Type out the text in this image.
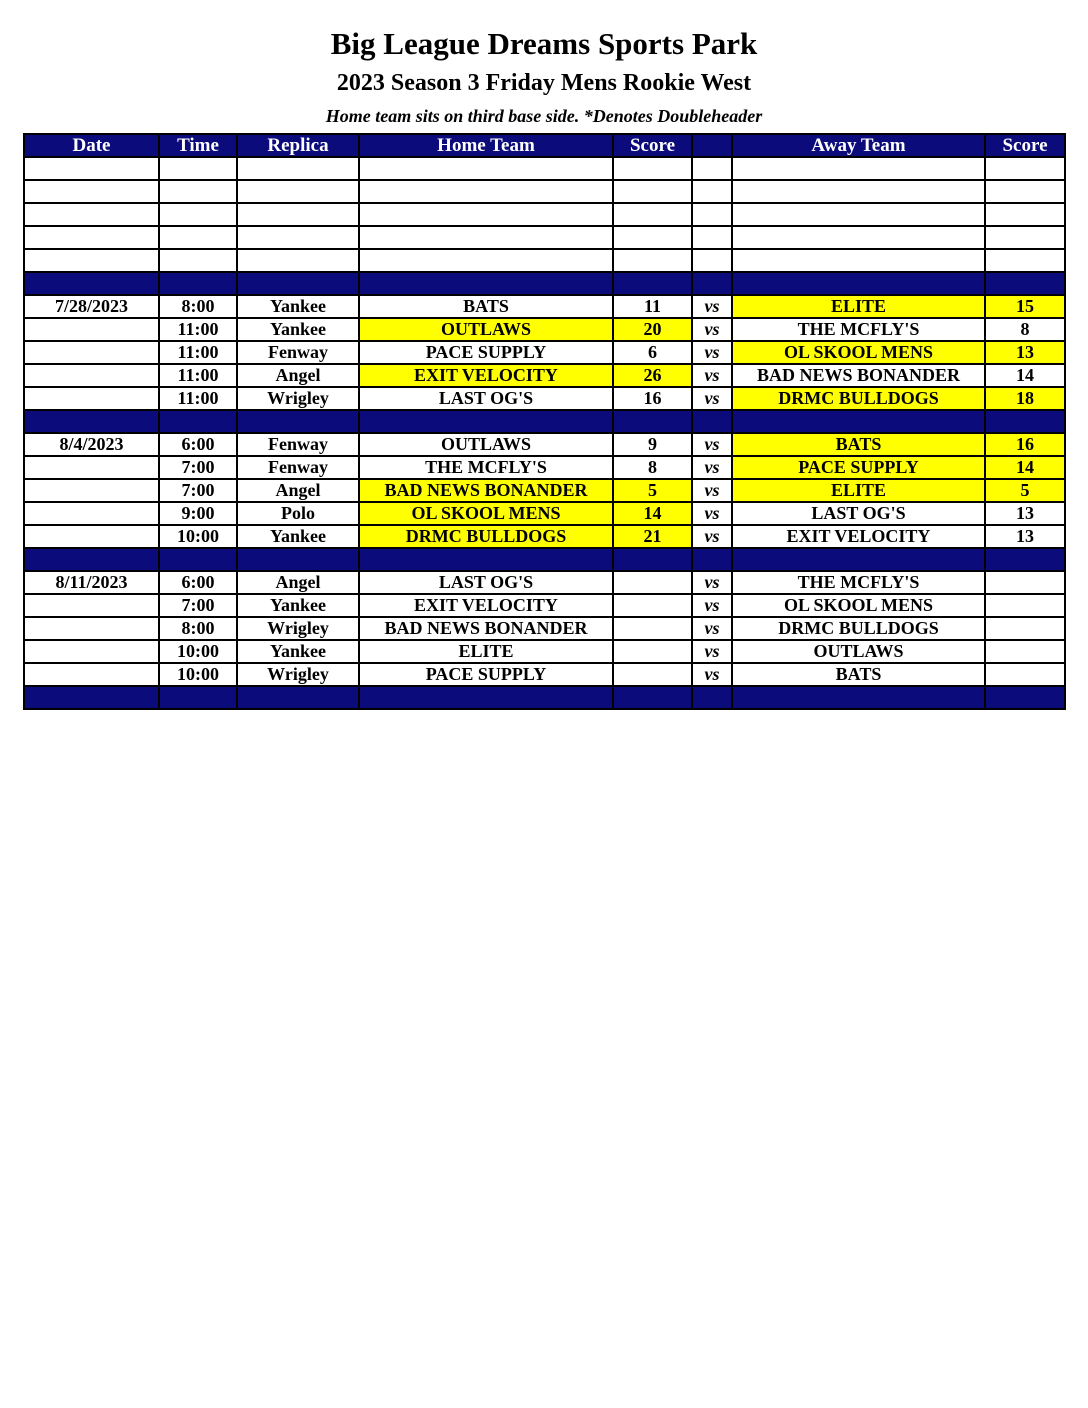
Big League Dreams Sports Park
2023 Season 3 Friday Mens Rookie West
Home team sits on third base side. *Denotes Doubleheader
Date	Time	Replica	Home Team	Score		Away Team	Score

7/28/2023	8:00	Yankee	BATS	11	vs	ELITE	15
	11:00	Yankee	OUTLAWS	20	vs	THE MCFLY'S	8
	11:00	Fenway	PACE SUPPLY	6	vs	OL SKOOL MENS	13
	11:00	Angel	EXIT VELOCITY	26	vs	BAD NEWS BONANDER	14
	11:00	Wrigley	LAST OG'S	16	vs	DRMC BULLDOGS	18

8/4/2023	6:00	Fenway	OUTLAWS	9	vs	BATS	16
	7:00	Fenway	THE MCFLY'S	8	vs	PACE SUPPLY	14
	7:00	Angel	BAD NEWS BONANDER	5	vs	ELITE	5
	9:00	Polo	OL SKOOL MENS	14	vs	LAST OG'S	13
	10:00	Yankee	DRMC BULLDOGS	21	vs	EXIT VELOCITY	13

8/11/2023	6:00	Angel	LAST OG'S		vs	THE MCFLY'S	
	7:00	Yankee	EXIT VELOCITY		vs	OL SKOOL MENS	
	8:00	Wrigley	BAD NEWS BONANDER		vs	DRMC BULLDOGS	
	10:00	Yankee	ELITE		vs	OUTLAWS	
	10:00	Wrigley	PACE SUPPLY		vs	BATS	
